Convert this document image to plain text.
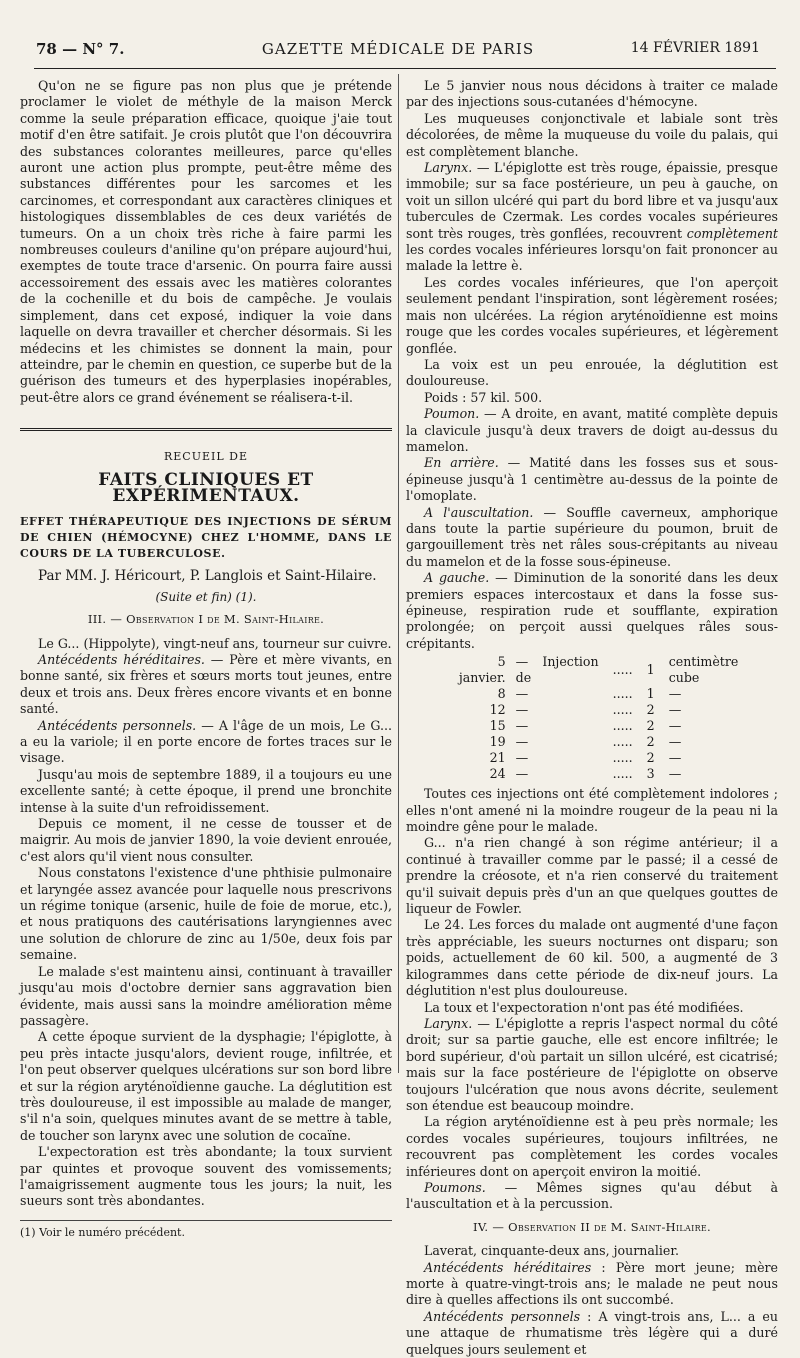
78 — N° 7.	GAZETTE MÉDICALE DE PARIS	14 FÉVRIER 1891

Qu'on ne se figure pas non plus que je prétende proclamer le violet de méthyle de la maison Merck comme la seule préparation efficace, quoique j'aie tout motif d'en être satifait. Je crois plutôt que l'on découvrira des substances colorantes meilleures, parce qu'elles auront une action plus prompte, peut-être même des substances différentes pour les sarcomes et les carcinomes, et correspondant aux caractères cliniques et histologiques dissemblables de ces deux variétés de tumeurs. On a un choix très riche à faire parmi les nombreuses couleurs d'aniline qu'on prépare aujourd'hui, exemptes de toute trace d'arsenic. On pourra faire aussi accessoirement des essais avec les matières colorantes de la cochenille et du bois de campêche. Je voulais simplement, dans cet exposé, indiquer la voie dans laquelle on devra travailler et chercher désormais. Si les médecins et les chimistes se donnent la main, pour atteindre, par le chemin en question, ce superbe but de la guérison des tumeurs et des hyperplasies inopérables, peut-être alors ce grand événement se réalisera-t-il.

RECUEIL DE
FAITS CLINIQUES ET EXPÉRIMENTAUX.
EFFET THÉRAPEUTIQUE DES INJECTIONS DE SÉRUM DE CHIEN (HÉMOCYNE) CHEZ L'HOMME, DANS LE COURS DE LA TUBERCULOSE.
Par MM. J. Héricourt, P. Langlois et Saint-Hilaire.
(Suite et fin) (1).
III. — Observation I de M. Saint-Hilaire.

Le G... (Hippolyte), vingt-neuf ans, tourneur sur cuivre.

Antécédents héréditaires. — Père et mère vivants, en bonne santé, six frères et sœurs morts tout jeunes, entre deux et trois ans. Deux frères encore vivants et en bonne santé.

Antécédents personnels. — A l'âge de un mois, Le G... a eu la variole; il en porte encore de fortes traces sur le visage.

Jusqu'au mois de septembre 1889, il a toujours eu une excellente santé; à cette époque, il prend une bronchite intense à la suite d'un refroidissement.

Depuis ce moment, il ne cesse de tousser et de maigrir. Au mois de janvier 1890, la voie devient enrouée, c'est alors qu'il vient nous consulter.

Nous constatons l'existence d'une phthisie pulmonaire et laryngée assez avancée pour laquelle nous prescrivons un régime tonique (arsenic, huile de foie de morue, etc.), et nous pratiquons des cautérisations laryngiennes avec une solution de chlorure de zinc au 1/50e, deux fois par semaine.

Le malade s'est maintenu ainsi, continuant à travailler jusqu'au mois d'octobre dernier sans aggravation bien évidente, mais aussi sans la moindre amélioration même passagère.

A cette époque survient de la dysphagie; l'épiglotte, à peu près intacte jusqu'alors, devient rouge, infiltrée, et l'on peut observer quelques ulcérations sur son bord libre et sur la région aryténoïdienne gauche. La déglutition est très douloureuse, il est impossible au malade de manger, s'il n'a soin, quelques minutes avant de se mettre à table, de toucher son larynx avec une solution de cocaïne.

L'expectoration est très abondante; la toux survient par quintes et provoque souvent des vomissements; l'amaigrissement augmente tous les jours; la nuit, les sueurs sont très abondantes.

(1) Voir le numéro précédent.

Le 5 janvier nous nous décidons à traiter ce malade par des injections sous-cutanées d'hémocyne.

Les muqueuses conjonctivale et labiale sont très décolorées, de même la muqueuse du voile du palais, qui est complètement blanche.

Larynx. — L'épiglotte est très rouge, épaissie, presque immobile; sur sa face postérieure, un peu à gauche, on voit un sillon ulcéré qui part du bord libre et va jusqu'aux tubercules de Czermak. Les cordes vocales supérieures sont très rouges, très gonflées, recouvrent complètement les cordes vocales inférieures lorsqu'on fait prononcer au malade la lettre è.

Les cordes vocales inférieures, que l'on aperçoit seulement pendant l'inspiration, sont légèrement rosées; mais non ulcérées. La région aryténoïdienne est moins rouge que les cordes vocales supérieures, et légèrement gonflée.

La voix est un peu enrouée, la déglutition est douloureuse.

Poids : 57 kil. 500.

Poumon. — A droite, en avant, matité complète depuis la clavicule jusqu'à deux travers de doigt au-dessus du mamelon.

En arrière. — Matité dans les fosses sus et sous-épineuse jusqu'à 1 centimètre au-dessus de la pointe de l'omoplate.

A l'auscultation. — Souffle caverneux, amphorique dans toute la partie supérieure du poumon, bruit de gargouillement très net râles sous-crépitants au niveau du mamelon et de la fosse sous-épineuse.

A gauche. — Diminution de la sonorité dans les deux premiers espaces intercostaux et dans la fosse sus-épineuse, respiration rude et soufflante, expiration prolongée; on perçoit aussi quelques râles sous-crépitants.

5 janvier.	— Injection de	.....	1	centimètre cube
8	—	.....	1	—
12	—	.....	2	—
15	—	.....	2	—
19	—	.....	2	—
21	—	.....	2	—
24	—	.....	3	—

Toutes ces injections ont été complètement indolores ; elles n'ont amené ni la moindre rougeur de la peau ni la moindre gêne pour le malade.

G... n'a rien changé à son régime antérieur; il a continué à travailler comme par le passé; il a cessé de prendre la créosote, et n'a rien conservé du traitement qu'il suivait depuis près d'un an que quelques gouttes de liqueur de Fowler.

Le 24. Les forces du malade ont augmenté d'une façon très appréciable, les sueurs nocturnes ont disparu; son poids, actuellement de 60 kil. 500, a augmenté de 3 kilogrammes dans cette période de dix-neuf jours. La déglutition n'est plus douloureuse.

La toux et l'expectoration n'ont pas été modifiées.

Larynx. — L'épiglotte a repris l'aspect normal du côté droit; sur sa partie gauche, elle est encore infiltrée; le bord supérieur, d'où partait un sillon ulcéré, est cicatrisé; mais sur la face postérieure de l'épiglotte on observe toujours l'ulcération que nous avons décrite, seulement son étendue est beaucoup moindre.

La région aryténoïdienne est à peu près normale; les cordes vocales supérieures, toujours infiltrées, ne recouvrent pas complètement les cordes vocales inférieures dont on aperçoit environ la moitié.

Poumons. — Mêmes signes qu'au début à l'auscultation et à la percussion.

IV. — Observation II de M. Saint-Hilaire.

Laverat, cinquante-deux ans, journalier.

Antécédents héréditaires : Père mort jeune; mère morte à quatre-vingt-trois ans; le malade ne peut nous dire à quelles affections ils ont succombé.

Antécédents personnels : A vingt-trois ans, L... a eu une attaque de rhumatisme très légère qui a duré quelques jours seulement et
